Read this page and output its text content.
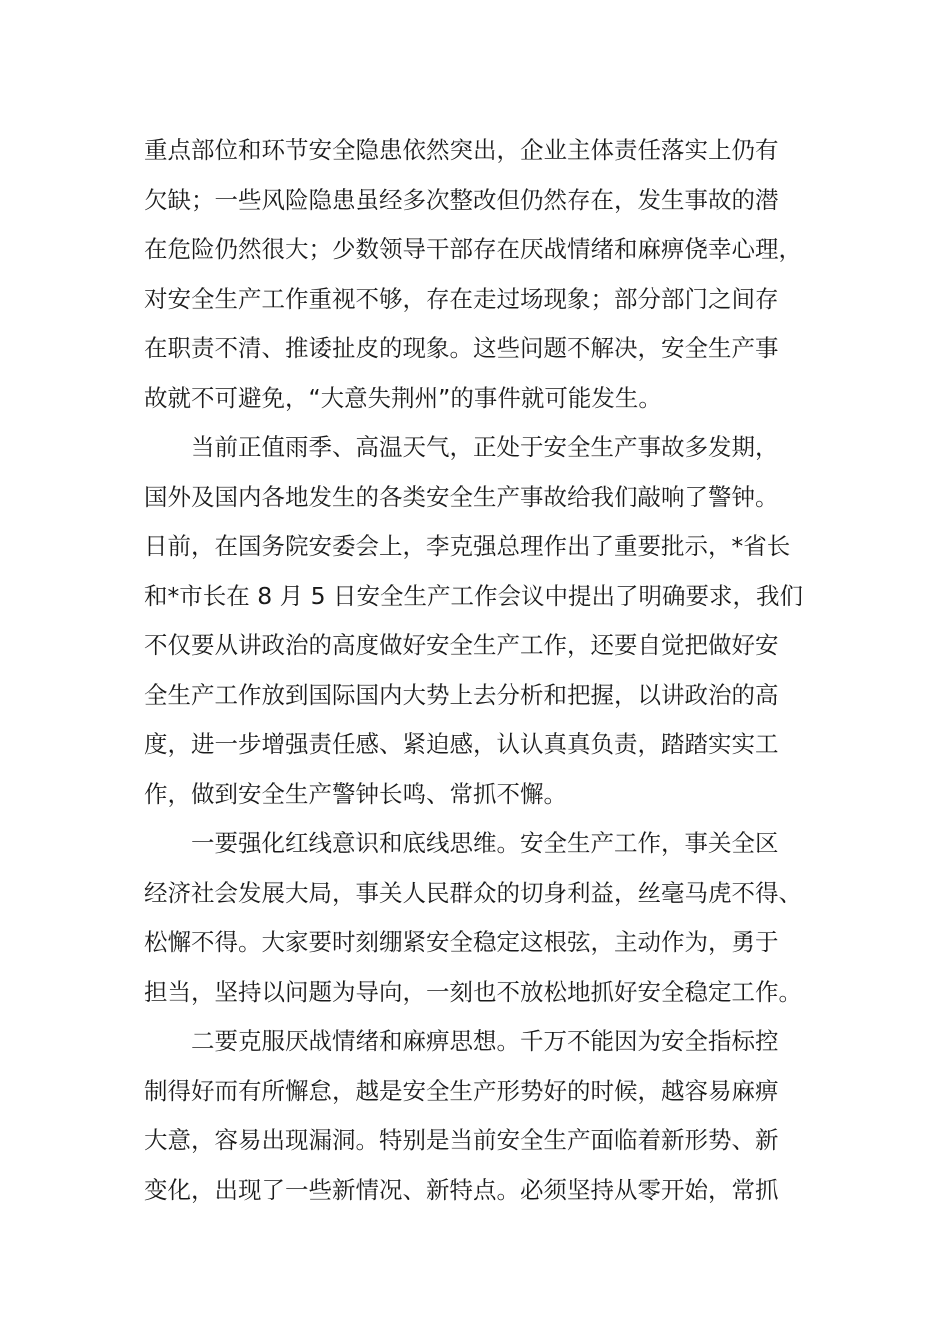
重点部位和环节安全隐患依然突出，企业主体责任落实上仍有
欠缺；一些风险隐患虽经多次整改但仍然存在，发生事故的潜
在危险仍然很大；少数领导干部存在厌战情绪和麻痹侥幸心理，
对安全生产工作重视不够，存在走过场现象；部分部门之间存
在职责不清、推诿扯皮的现象。这些问题不解决，安全生产事
故就不可避免，“大意失荆州”的事件就可能发生。
当前正值雨季、高温天气，正处于安全生产事故多发期，
国外及国内各地发生的各类安全生产事故给我们敲响了警钟。
日前，在国务院安委会上，李克强总理作出了重要批示，*省长
和*市长在 8 月 5 日安全生产工作会议中提出了明确要求，我们
不仅要从讲政治的高度做好安全生产工作，还要自觉把做好安
全生产工作放到国际国内大势上去分析和把握，以讲政治的高
度，进一步增强责任感、紧迫感，认认真真负责，踏踏实实工
作，做到安全生产警钟长鸣、常抓不懈。
一要强化红线意识和底线思维。安全生产工作，事关全区
经济社会发展大局，事关人民群众的切身利益，丝毫马虎不得、
松懈不得。大家要时刻绷紧安全稳定这根弦，主动作为，勇于
担当，坚持以问题为导向，一刻也不放松地抓好安全稳定工作。
二要克服厌战情绪和麻痹思想。千万不能因为安全指标控
制得好而有所懈怠，越是安全生产形势好的时候，越容易麻痹
大意，容易出现漏洞。特别是当前安全生产面临着新形势、新
变化，出现了一些新情况、新特点。必须坚持从零开始，常抓
